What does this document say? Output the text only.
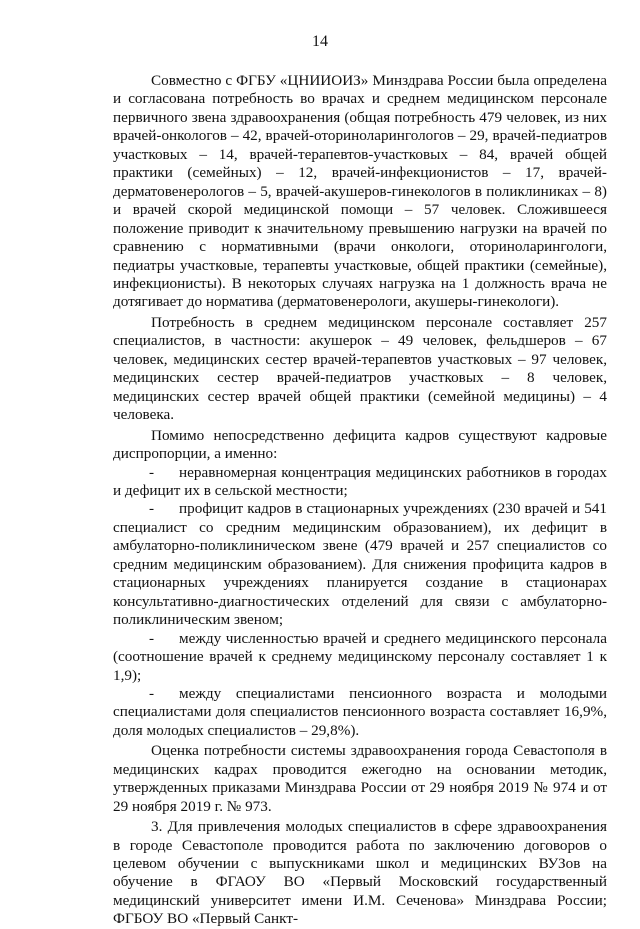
14

Совместно с ФГБУ «ЦНИИОИЗ» Минздрава России была определена и согласована потребность во врачах и среднем медицинском персонале первичного звена здравоохранения (общая потребность 479 человек, из них врачей-онкологов – 42, врачей-оториноларингологов – 29, врачей-педиатров участковых – 14, врачей-терапевтов-участковых – 84, врачей общей практики (семейных) – 12, врачей-инфекционистов – 17, врачей-дерматовенерологов – 5, врачей-акушеров-гинекологов в поликлиниках – 8) и врачей скорой медицинской помощи – 57 человек. Сложившееся положение приводит к значительному превышению нагрузки на врачей по сравнению с нормативными (врачи онкологи, оториноларингологи, педиатры участковые, терапевты участковые, общей практики (семейные), инфекционисты). В некоторых случаях нагрузка на 1 должность врача не дотягивает до норматива (дерматовенерологи, акушеры-гинекологи).

Потребность в среднем медицинском персонале составляет 257 специалистов, в частности: акушерок – 49 человек, фельдшеров – 67 человек, медицинских сестер врачей-терапевтов участковых – 97 человек, медицинских сестер врачей-педиатров участковых – 8 человек, медицинских сестер врачей общей практики (семейной медицины) – 4 человека.

Помимо непосредственно дефицита кадров существуют кадровые диспропорции, а именно:

- неравномерная концентрация медицинских работников в городах и дефицит их в сельской местности;

- профицит кадров в стационарных учреждениях (230 врачей и 541 специалист со средним медицинским образованием), их дефицит в амбулаторно-поликлиническом звене (479 врачей и 257 специалистов со средним медицинским образованием). Для снижения профицита кадров в стационарных учреждениях планируется создание в стационарах консультативно-диагностических отделений для связи с амбулаторно-поликлиническим звеном;

- между численностью врачей и среднего медицинского персонала (соотношение врачей к среднему медицинскому персоналу составляет 1 к 1,9);

- между специалистами пенсионного возраста и молодыми специалистами доля специалистов пенсионного возраста составляет 16,9%, доля молодых специалистов – 29,8%).

Оценка потребности системы здравоохранения города Севастополя в медицинских кадрах проводится ежегодно на основании методик, утвержденных приказами Минздрава России от 29 ноября 2019 № 974 и от 29 ноября 2019 г. № 973.

3. Для привлечения молодых специалистов в сфере здравоохранения в городе Севастополе проводится работа по заключению договоров о целевом обучении с выпускниками школ и медицинских ВУЗов на обучение в ФГАОУ ВО «Первый Московский государственный медицинский университет имени И.М. Сеченова» Минздрава России; ФГБОУ ВО «Первый Санкт-
